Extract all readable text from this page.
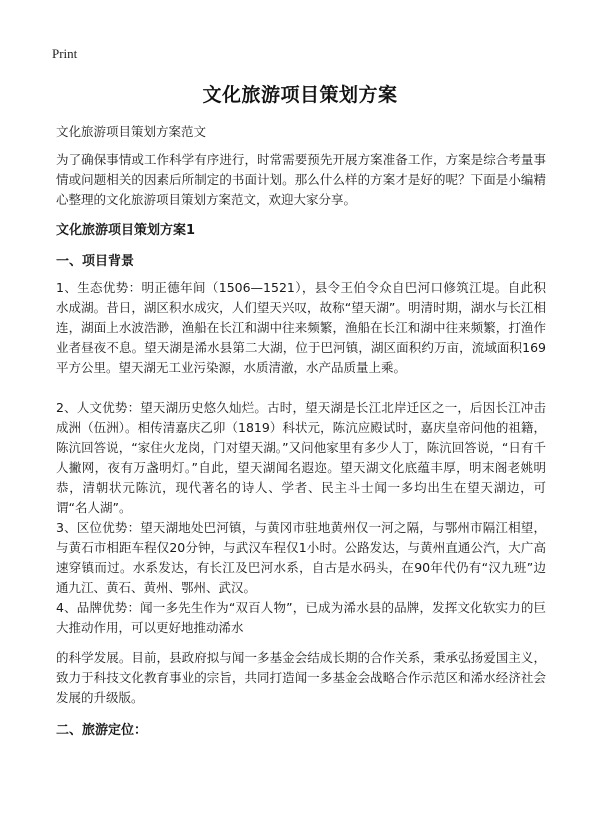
Print
文化旅游项目策划方案
文化旅游项目策划方案范文

为了确保事情或工作科学有序进行，时常需要预先开展方案准备工作，方案是综合考量事情或问题相关的因素后所制定的书面计划。那么什么样的方案才是好的呢？下面是小编精心整理的文化旅游项目策划方案范文，欢迎大家分享。

文化旅游项目策划方案1

一、项目背景

1、生态优势：明正德年间（1506—1521），县令王伯令众自巴河口修筑江堤。自此积水成湖。昔日，湖区积水成灾，人们望天兴叹，故称“望天湖”。明清时期，湖水与长江相连，湖面上水波浩渺，渔船在长江和湖中往来频繁，渔船在长江和湖中往来频繁，打渔作业者昼夜不息。望天湖是浠水县第二大湖，位于巴河镇，湖区面积约万亩，流域面积169平方公里。望天湖无工业污染源，水质清澈，水产品质量上乘。

2、人文优势：望天湖历史悠久灿烂。古时，望天湖是长江北岸迁区之一，后因长江冲击成洲（伍洲）。相传清嘉庆乙卯（1819）科状元，陈沆应殿试时，嘉庆皇帝问他的祖籍，陈沆回答说，“家住火龙岗，门对望天湖。”又问他家里有多少人丁，陈沆回答说，“日有千人撇网，夜有万盏明灯。”自此，望天湖闻名遐迩。望天湖文化底蕴丰厚，明末阁老姚明恭，清朝状元陈沆，现代著名的诗人、学者、民主斗士闻一多均出生在望天湖边，可谓“名人湖”。

3、区位优势：望天湖地处巴河镇，与黄冈市驻地黄州仅一河之隔，与鄂州市隔江相望，与黄石市相距车程仅20分钟，与武汉车程仅1小时。公路发达，与黄州直通公汽，大广高速穿镇而过。水系发达，有长江及巴河水系，自古是水码头，在90年代仍有“汉九班”边通九江、黄石、黄州、鄂州、武汉。

4、品牌优势：闻一多先生作为“双百人物”，已成为浠水县的品牌，发挥文化软实力的巨大推动作用，可以更好地推动浠水

的科学发展。目前，县政府拟与闻一多基金会结成长期的合作关系，秉承弘扬爱国主义，致力于科技文化教育事业的宗旨，共同打造闻一多基金会战略合作示范区和浠水经济社会发展的升级版。

二、旅游定位：
